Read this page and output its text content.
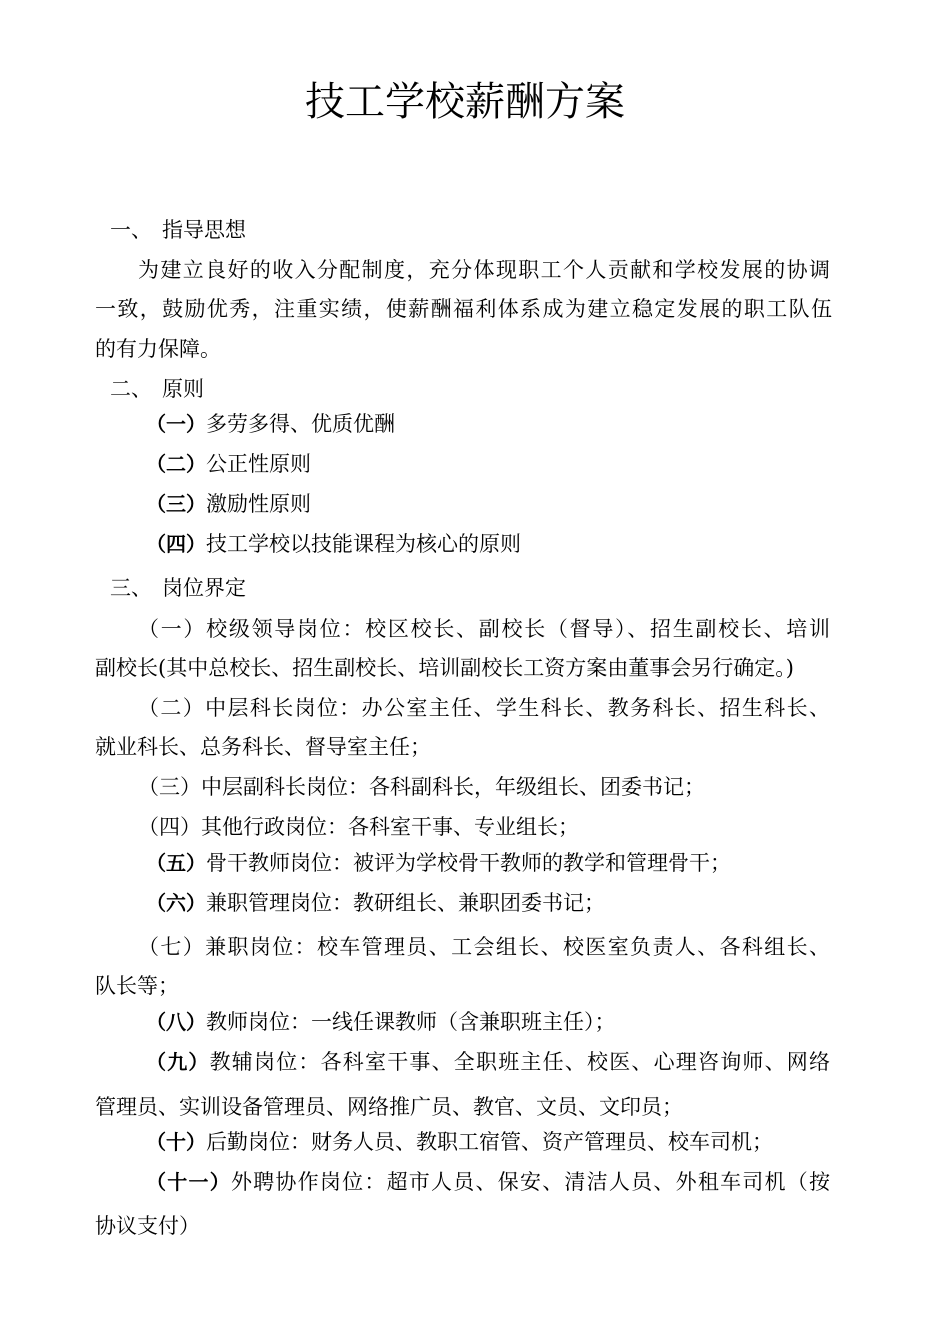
技工学校薪酬方案

一、 指导思想

为建立良好的收入分配制度，充分体现职工个人贡献和学校发展的协调

一致，鼓励优秀，注重实绩，使薪酬福利体系成为建立稳定发展的职工队伍

的有力保障。

二、 原则

（一）多劳多得、优质优酬

（二）公正性原则

（三）激励性原则

（四）技工学校以技能课程为核心的原则

三、 岗位界定

（一）校级领导岗位：校区校长、副校长（督导）、招生副校长、培训

副校长(其中总校长、招生副校长、培训副校长工资方案由董事会另行确定。)

（二）中层科长岗位：办公室主任、学生科长、教务科长、招生科长、

就业科长、总务科长、督导室主任；

（三）中层副科长岗位：各科副科长，年级组长、团委书记；

（四）其他行政岗位：各科室干事、专业组长；

（五）骨干教师岗位：被评为学校骨干教师的教学和管理骨干；

（六）兼职管理岗位：教研组长、兼职团委书记；

（七）兼职岗位：校车管理员、工会组长、校医室负责人、各科组长、

队长等；

（八）教师岗位：一线任课教师（含兼职班主任）；

（九）教辅岗位：各科室干事、全职班主任、校医、心理咨询师、网络

管理员、实训设备管理员、网络推广员、教官、文员、文印员；

（十）后勤岗位：财务人员、教职工宿管、资产管理员、校车司机；

（十一）外聘协作岗位：超市人员、保安、清洁人员、外租车司机（按

协议支付）
